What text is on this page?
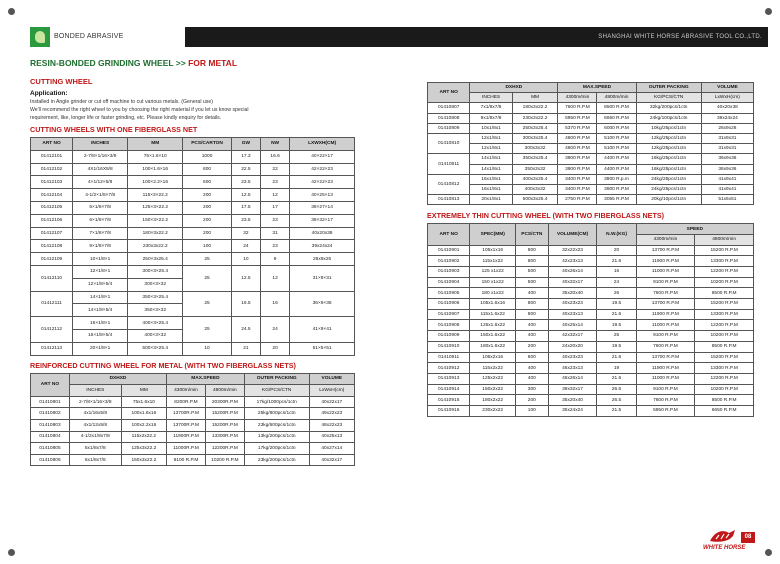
BONDED ABRASIVE	SHANGHAI WHITE HORSE ABRASIVE TOOL CO.,LTD.
RESIN-BONDED GRINDING WHEEL >> FOR METAL
CUTTING WHEEL
Application:
Installed in Angle grinder or cut off machine to cut various metals. (General use)
We'll recommend the right wheel to you by choosing the right material if you let us know special
requirement, like, longer life or faster grinding, etc. Please kindly enquiry for details.
CUTTING WHEELS WITH ONE FIBERGLASS NET
ART NO	INCHES	MM	PCS/CARTON	GW	NW	LXWXH(CM)
01412101	2-7/8×1/16×3/8	75×1.6×10	1000	17.3	16.6	40×22×17
01412102	4X1/16X5/8	100×1.6×16	800	22.5	22	42×22×23
01412103	4×1/12×5/8	100×2.2×16	600	23.5	23	42×22×23
01412104	4-1/2×1/8×7/8	115×3×22.2	200	12.5	12	40×25×13
01412105	5×1/8×7/8	125×3×22.2	200	17.5	17	38×27×14
01412106	6×1/8×7/8	150×3×22.2	200	23.5	23	38×32×17
01412107	7×1/8×7/8	180×3x22.2	200	32	31	40x20x38
01412108	9×1/8×7/8	230x3x22.2	100	24	23	39x24x24
01412109	10×1/8×1	250×3x25.4	25	10	9	26x9x26
01412110	12×1/8×1	300×3×25.4	25	12.5	12	31×9×31
	12×1/8×5/4	300×3×32				
01412111	14×1/8×1	350×3×25.4	25	16.5	16	36×9×36
	14×1/8×5/4	350×3×32				
01412112	16×1/8×1	400×3×25.4	25	24.5	24	41×9×41
	16×1/8×5/4	400×3×32				
01412113	20×1/8×1	500×3×25.4	10	21	20	51×5×51
REINFORCED CUTTING WHEEL FOR METAL (WITH TWO FIBERGLASS NETS)
ART NO	DXHXD		MAX.SPEED		OUTER PACKING	VOLUME
	INCHES	MM	4300m/min	4800m/min	KG/PCS/CTN	LxWxH(cm)
01410801	2-7/8×1/16×3/8	75x1.6x10	8200R.P.M	20300R.P.M	17kg/1000pcs/1ctn	40x22x17
01410802	4x1/16x5/8	100x1.6x16	13700R.P.M	15200R.P.M	25kg/800pcs/1ctn	49x22x23
01410803	4x1/12x5/8	100x2.2x16	13700R.P.M	15200R.P.M	23kg/600pcs/1ctn	48x22x23
01410804	4-1/2x1/8x7/8	115x2x22.2	11900R.P.M	13300R.P.M	13kg/200pcs/1ctn	40x25x13
01410805	5x1/8x7/8	125x3x22.2	11000R.P.M	12200R.P.M	17kg/200pcs/1ctn	40x27x14
01410806	6x1/8x7/8	150x3x22.2	9100 R.P.M	10200 R.P.M	23kg/200pcs/1ctn	40x32x17
ART NO	DXHXD		MAX.SPEED		OUTER PACKING	VOLUME
	INCHES	MM	4300m/min	4800m/min	KG/PCS/CTN	LxWxH(cm)
01410807	7x1/8x7/8	180x3x22.2	7600 R.P.M	8500 R.P.M	32kg/200pcs/1ctn	40x20x38
01410808	9x1/8x7/8	230x3x22.2	5950 R.P.M	6650 R.P.M	24kg/100pcs/1ctn	39x24x24
01410809	10x1/8x1	250x3x25.4	5370 R.P.M	6000 R.P.M	10kg/25pcs/1ctn	26x9x26
01410810	12x1/8x1	300x3x25.4	4600 R.P.M	5100 R.P.M	12kg/25pcs/1ctn	31x9x31
	12x1/8x1	300x3x32	4600 R.P.M	5100 R.P.M	12kg/25pcs/1ctn	31x9x31
01410811	14x1/8x1	350x3x25.4	3900 R.P.M	4400 R.P.M	16kg/25pcs/1ctn	36x9x36
	14x1/8x1	350x3x32	3900 R.P.M	4400 R.P.M	16kg/25pcs/1ctn	36x9x36
01410812	16x1/8x1	400x3x25.4	3400 R.P.M	3800 R.p.m	24kg/25pcs/1ctn	41x9x41
	16x1/8x1	400x3x32	3400 R.P.M	3800 R.P.M	24kg/25pcs/1ctn	41x9x41
01410813	20x1/8x1	500x3x25.4	2750 R.P.M	3055 R.P.M	20kg/10pcs/1ctn	51x5x51
EXTREMELY THIN CUTTING WHEEL (WITH TWO FIBERGLASS NETS)
ART NO	SPEC(MM)	PCS/CTN	VOLUME(CM)	N.W.(KG)	SPEED	
					4300m/min	4800m/min
01410901	105x1x16	800	32x22x23	20	13700 R.P.M	15200 R.P.M
01410902	115x1x22	800	42x23x13	21.6	11900 R.P.M	13300 R.P.M
01410903	125 x1x22	500	40x26x14	16	11000 R.P.M	12200 R.P.M
01410904	150 x1x22	500	40x32x17	24	9100 R.P.M	10200 R.P.M
01410905	180 x1x22	400	35x20x40	26	7600 R.P.M	8500 R.P.M
01410906	105x1.6x16	800	40x23x23	19.5	13700 R.P.M	15200 R.P.M
01410907	115x1.6x22	800	40x23x13	21.6	11900 R.P.M	13300 R.P.M
01410908	125x1.6x22	400	40x25x14	19.5	11000 R.P.M	12200 R.P.M
01410909	150x1.6x22	400	42x32x17	25	9100 R.P.M	10200 R.P.M
01410910	180x1.6x22	200	24x20x20	19.5	7600 R.P.M	8500 R.P.M
01410911	106x2x16	600	40x23x23	21.6	13700 R.P.M	15200 R.P.M
01410912	115x2x22	400	46x23x13	19	11900 R.P.M	13300 R.P.M
01410913	125x2x22	400	46x26x14	21.6	11000 R.P.M	12200 R.P.M
01410914	150x2x22	300	38x32x17	26.5	9100 R.P.M	10200 R.P.M
01410915	180x2x22	200	35x20x40	26.5	7600 R.P.M	8500 R.P.M
01410916	230x2x22	100	35x24x24	21.5	5950 R.P.M	6650 R.P.M
WHITE HORSE
08
